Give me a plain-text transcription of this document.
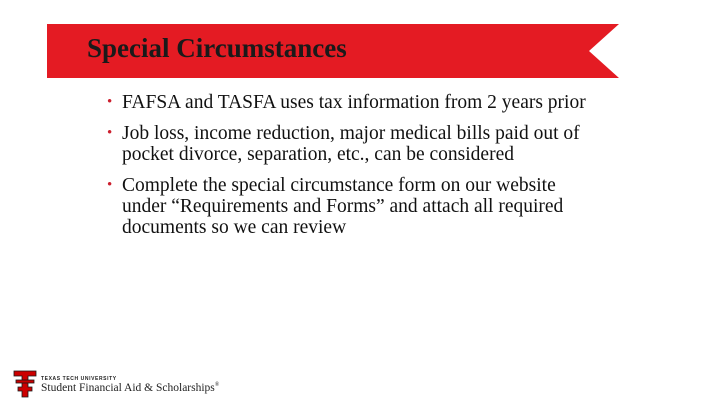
Special Circumstances
• FAFSA and TASFA uses tax information from 2 years prior
• Job loss, income reduction, major medical bills paid out of pocket divorce, separation, etc., can be considered
• Complete the special circumstance form on our website under “Requirements and Forms” and attach all required documents so we can review
TEXAS TECH UNIVERSITY
Student Financial Aid & Scholarships®
